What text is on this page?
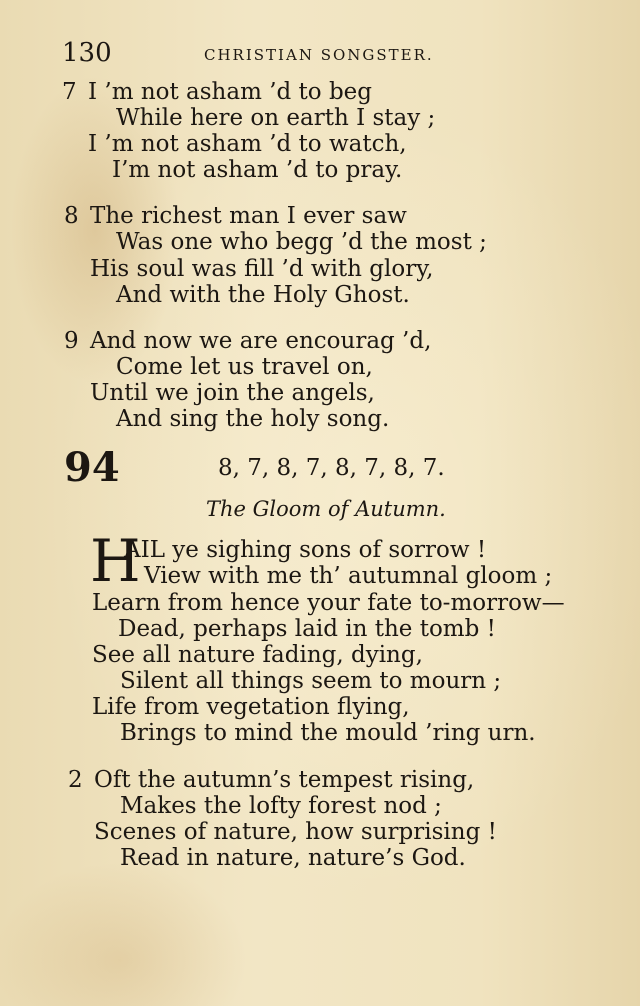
130	CHRISTIAN SONGSTER.
7 I ’m not asham ’d to beg
While here on earth I stay ;
I ’m not asham ’d to watch,
I’m not asham ’d to pray.
8 The richest man I ever saw
Was one who begg ’d the most ;
His soul was fill ’d with glory,
And with the Holy Ghost.
9 And now we are encourag ’d,
Come let us travel on,
Until we join the angels,
And sing the holy song.
94	8, 7, 8, 7, 8, 7, 8, 7.
The Gloom of Autumn.
H
AIL ye sighing sons of sorrow !
View with me th’ autumnal gloom ;
Learn from hence your fate to-morrow—
Dead, perhaps laid in the tomb !
See all nature fading, dying,
Silent all things seem to mourn ;
Life from vegetation flying,
Brings to mind the mould ’ring urn.
2 Oft the autumn’s tempest rising,
Makes the lofty forest nod ;
Scenes of nature, how surprising !
Read in nature, nature’s God.
